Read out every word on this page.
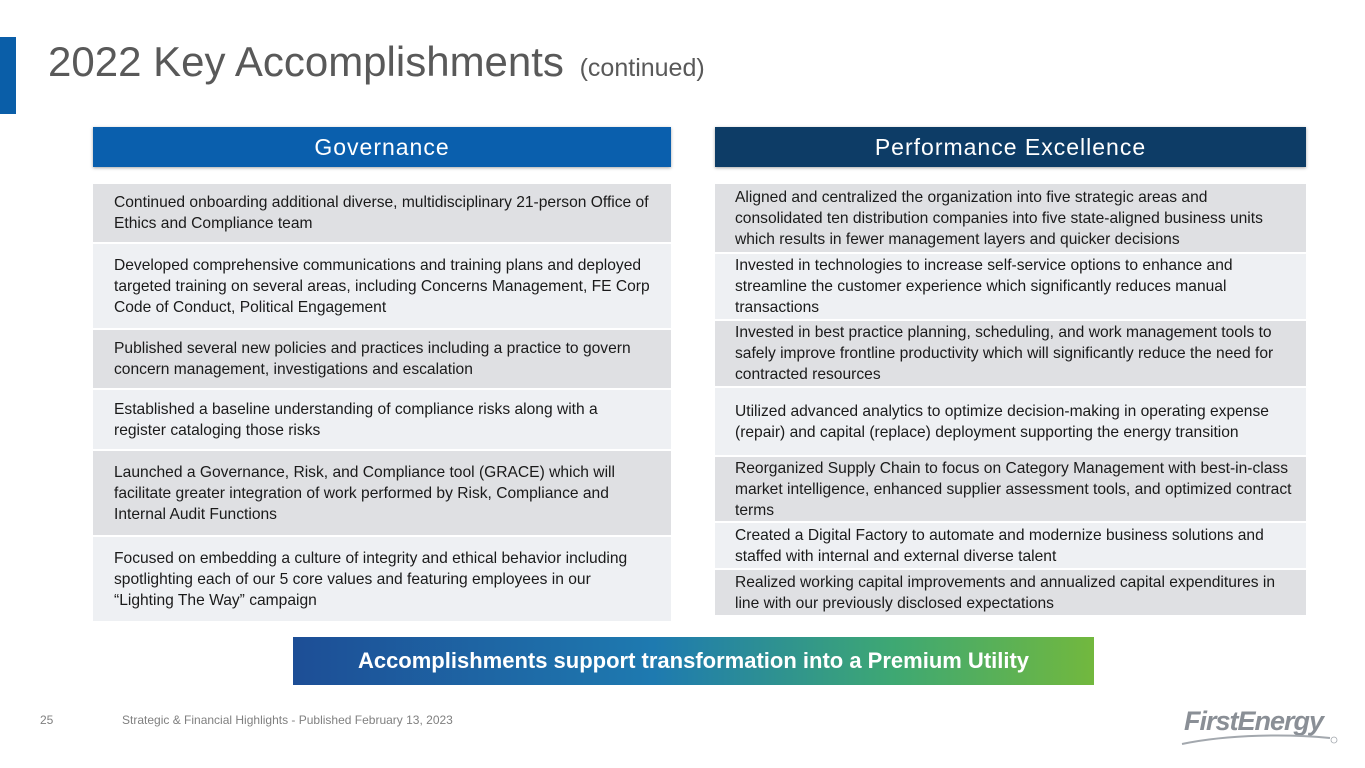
2022 Key Accomplishments (continued)
Governance
Continued onboarding additional diverse, multidisciplinary 21-person Office of Ethics and Compliance team
Developed comprehensive communications and training plans and deployed targeted training on several areas, including Concerns Management, FE Corp Code of Conduct, Political Engagement
Published several new policies and practices including a practice to govern concern management, investigations and escalation
Established a baseline understanding of compliance risks along with a register cataloging those risks
Launched a Governance, Risk, and Compliance tool (GRACE) which will facilitate greater integration of work performed by Risk, Compliance and Internal Audit Functions
Focused on embedding a culture of integrity and ethical behavior including spotlighting each of our 5 core values and featuring employees in our “Lighting The Way” campaign
Performance Excellence
Aligned and centralized the organization into five strategic areas and consolidated ten distribution companies into five state-aligned business units which results in fewer management layers and quicker decisions
Invested in technologies to increase self-service options to enhance and streamline the customer experience which significantly reduces manual transactions
Invested in best practice planning, scheduling, and work management tools to safely improve frontline productivity which will significantly reduce the need for contracted resources
Utilized advanced analytics to optimize decision-making in operating expense (repair) and capital (replace) deployment supporting the energy transition
Reorganized Supply Chain to focus on Category Management with best-in-class market intelligence, enhanced supplier assessment tools, and optimized contract terms
Created a Digital Factory to automate and modernize business solutions and staffed with internal and external diverse talent
Realized working capital improvements and annualized capital expenditures in line with our previously disclosed expectations
Accomplishments support transformation into a Premium Utility
25	Strategic & Financial Highlights - Published February 13, 2023	FirstEnergy
